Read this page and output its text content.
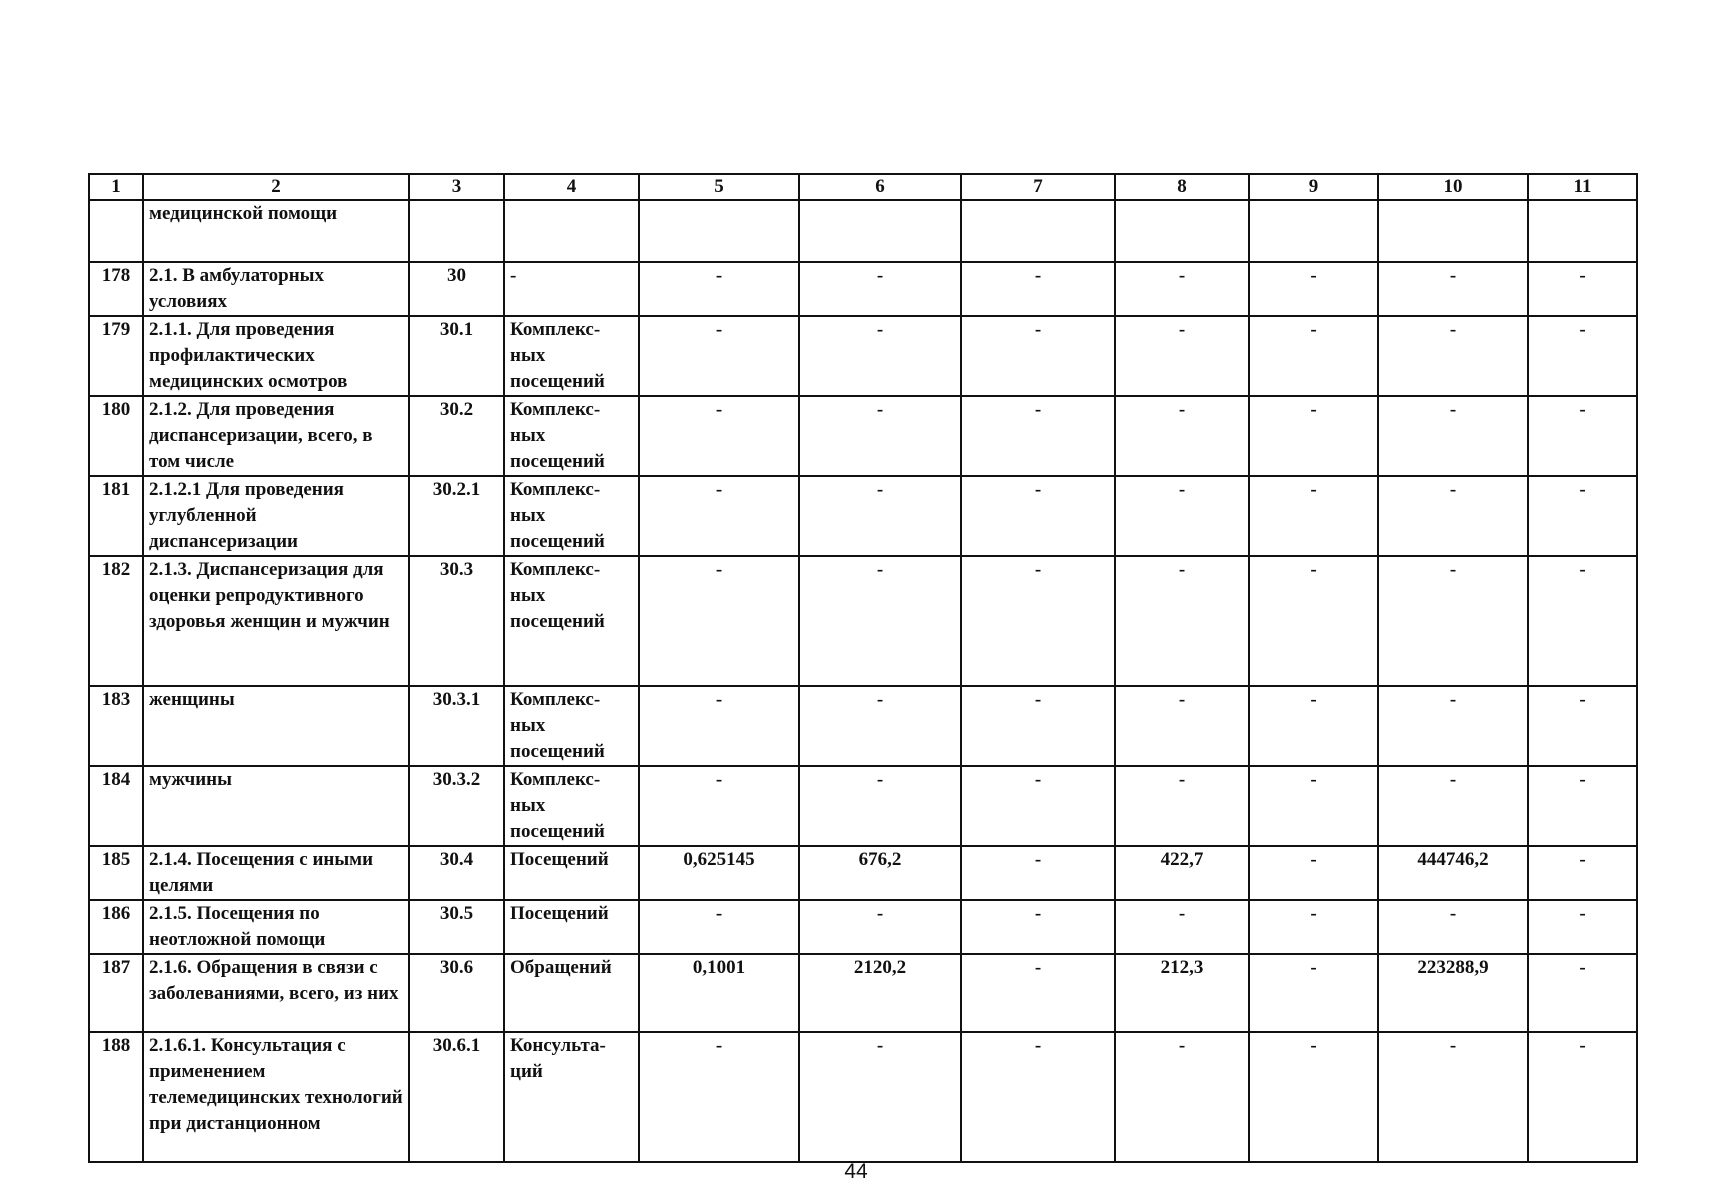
1	2	3	4	5	6	7	8	9	10	11
	медицинской помощи									
178	2.1. В амбулаторных условиях	30	-	-	-	-	-	-	-	-
179	2.1.1. Для проведения профилактических медицинских осмотров	30.1	Комплекс-ных посещений	-	-	-	-	-	-	-
180	2.1.2. Для проведения диспансеризации, всего, в том числе	30.2	Комплекс-ных посещений	-	-	-	-	-	-	-
181	2.1.2.1 Для проведения углубленной диспансеризации	30.2.1	Комплекс-ных посещений	-	-	-	-	-	-	-
182	2.1.3. Диспансеризация для оценки репродуктивного здоровья женщин и мужчин	30.3	Комплекс-ных посещений	-	-	-	-	-	-	-
183	женщины	30.3.1	Комплекс-ных посещений	-	-	-	-	-	-	-
184	мужчины	30.3.2	Комплекс-ных посещений	-	-	-	-	-	-	-
185	2.1.4. Посещения с иными целями	30.4	Посещений	0,625145	676,2	-	422,7	-	444746,2	-
186	2.1.5. Посещения по неотложной помощи	30.5	Посещений	-	-	-	-	-	-	-
187	2.1.6. Обращения в связи с заболеваниями, всего, из них	30.6	Обращений	0,1001	2120,2	-	212,3	-	223288,9	-
188	2.1.6.1. Консультация с применением телемедицинских технологий при дистанционном	30.6.1	Консульта-ций	-	-	-	-	-	-	-
44
